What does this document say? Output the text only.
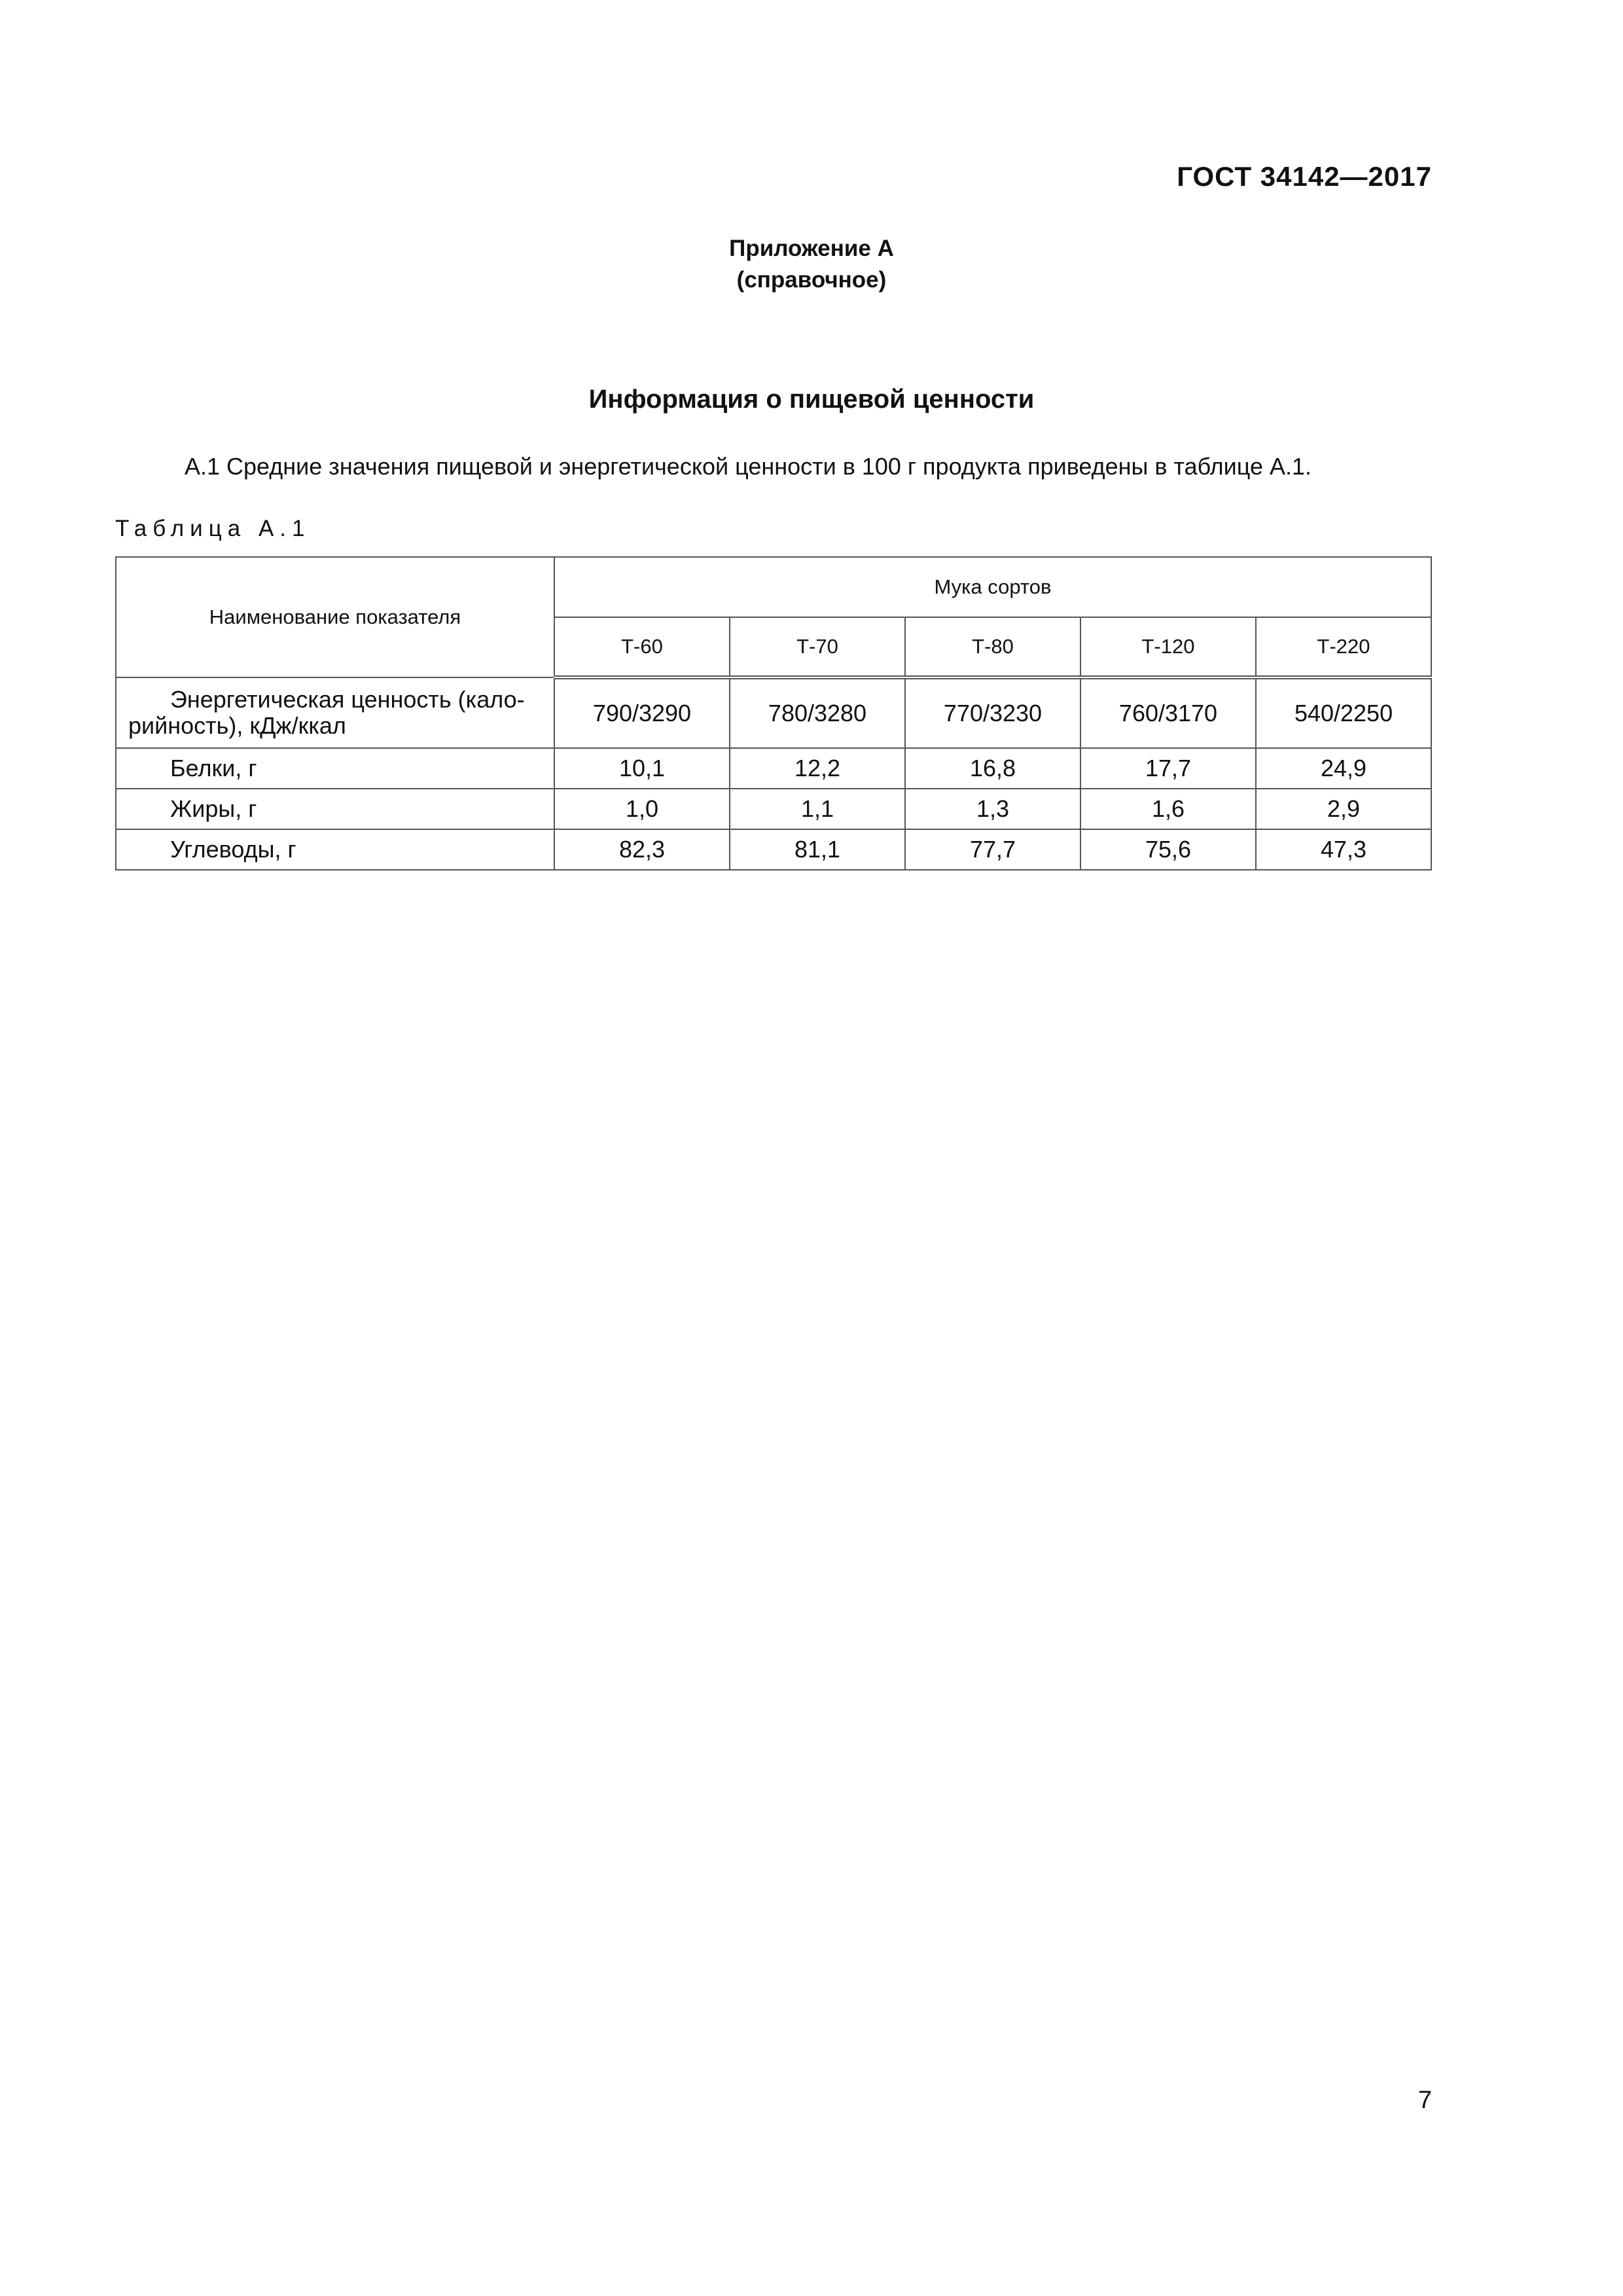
ГОСТ 34142—2017
Приложение А
(справочное)
Информация о пищевой ценности
А.1 Средние значения пищевой и энергетической ценности в 100 г продукта приведены в таблице А.1.
Таблица А.1
Наименование показателя	Мука сортов				
	Т-60	Т-70	Т-80	Т-120	Т-220

Энергетическая ценность (кало-рийность), кДж/ккал	790/3290	780/3280	770/3230	760/3170	540/2250

Белки, г	10,1	12,2	16,8	17,7	24,9

Жиры, г	1,0	1,1	1,3	1,6	2,9

Углеводы, г	82,3	81,1	77,7	75,6	47,3
7
